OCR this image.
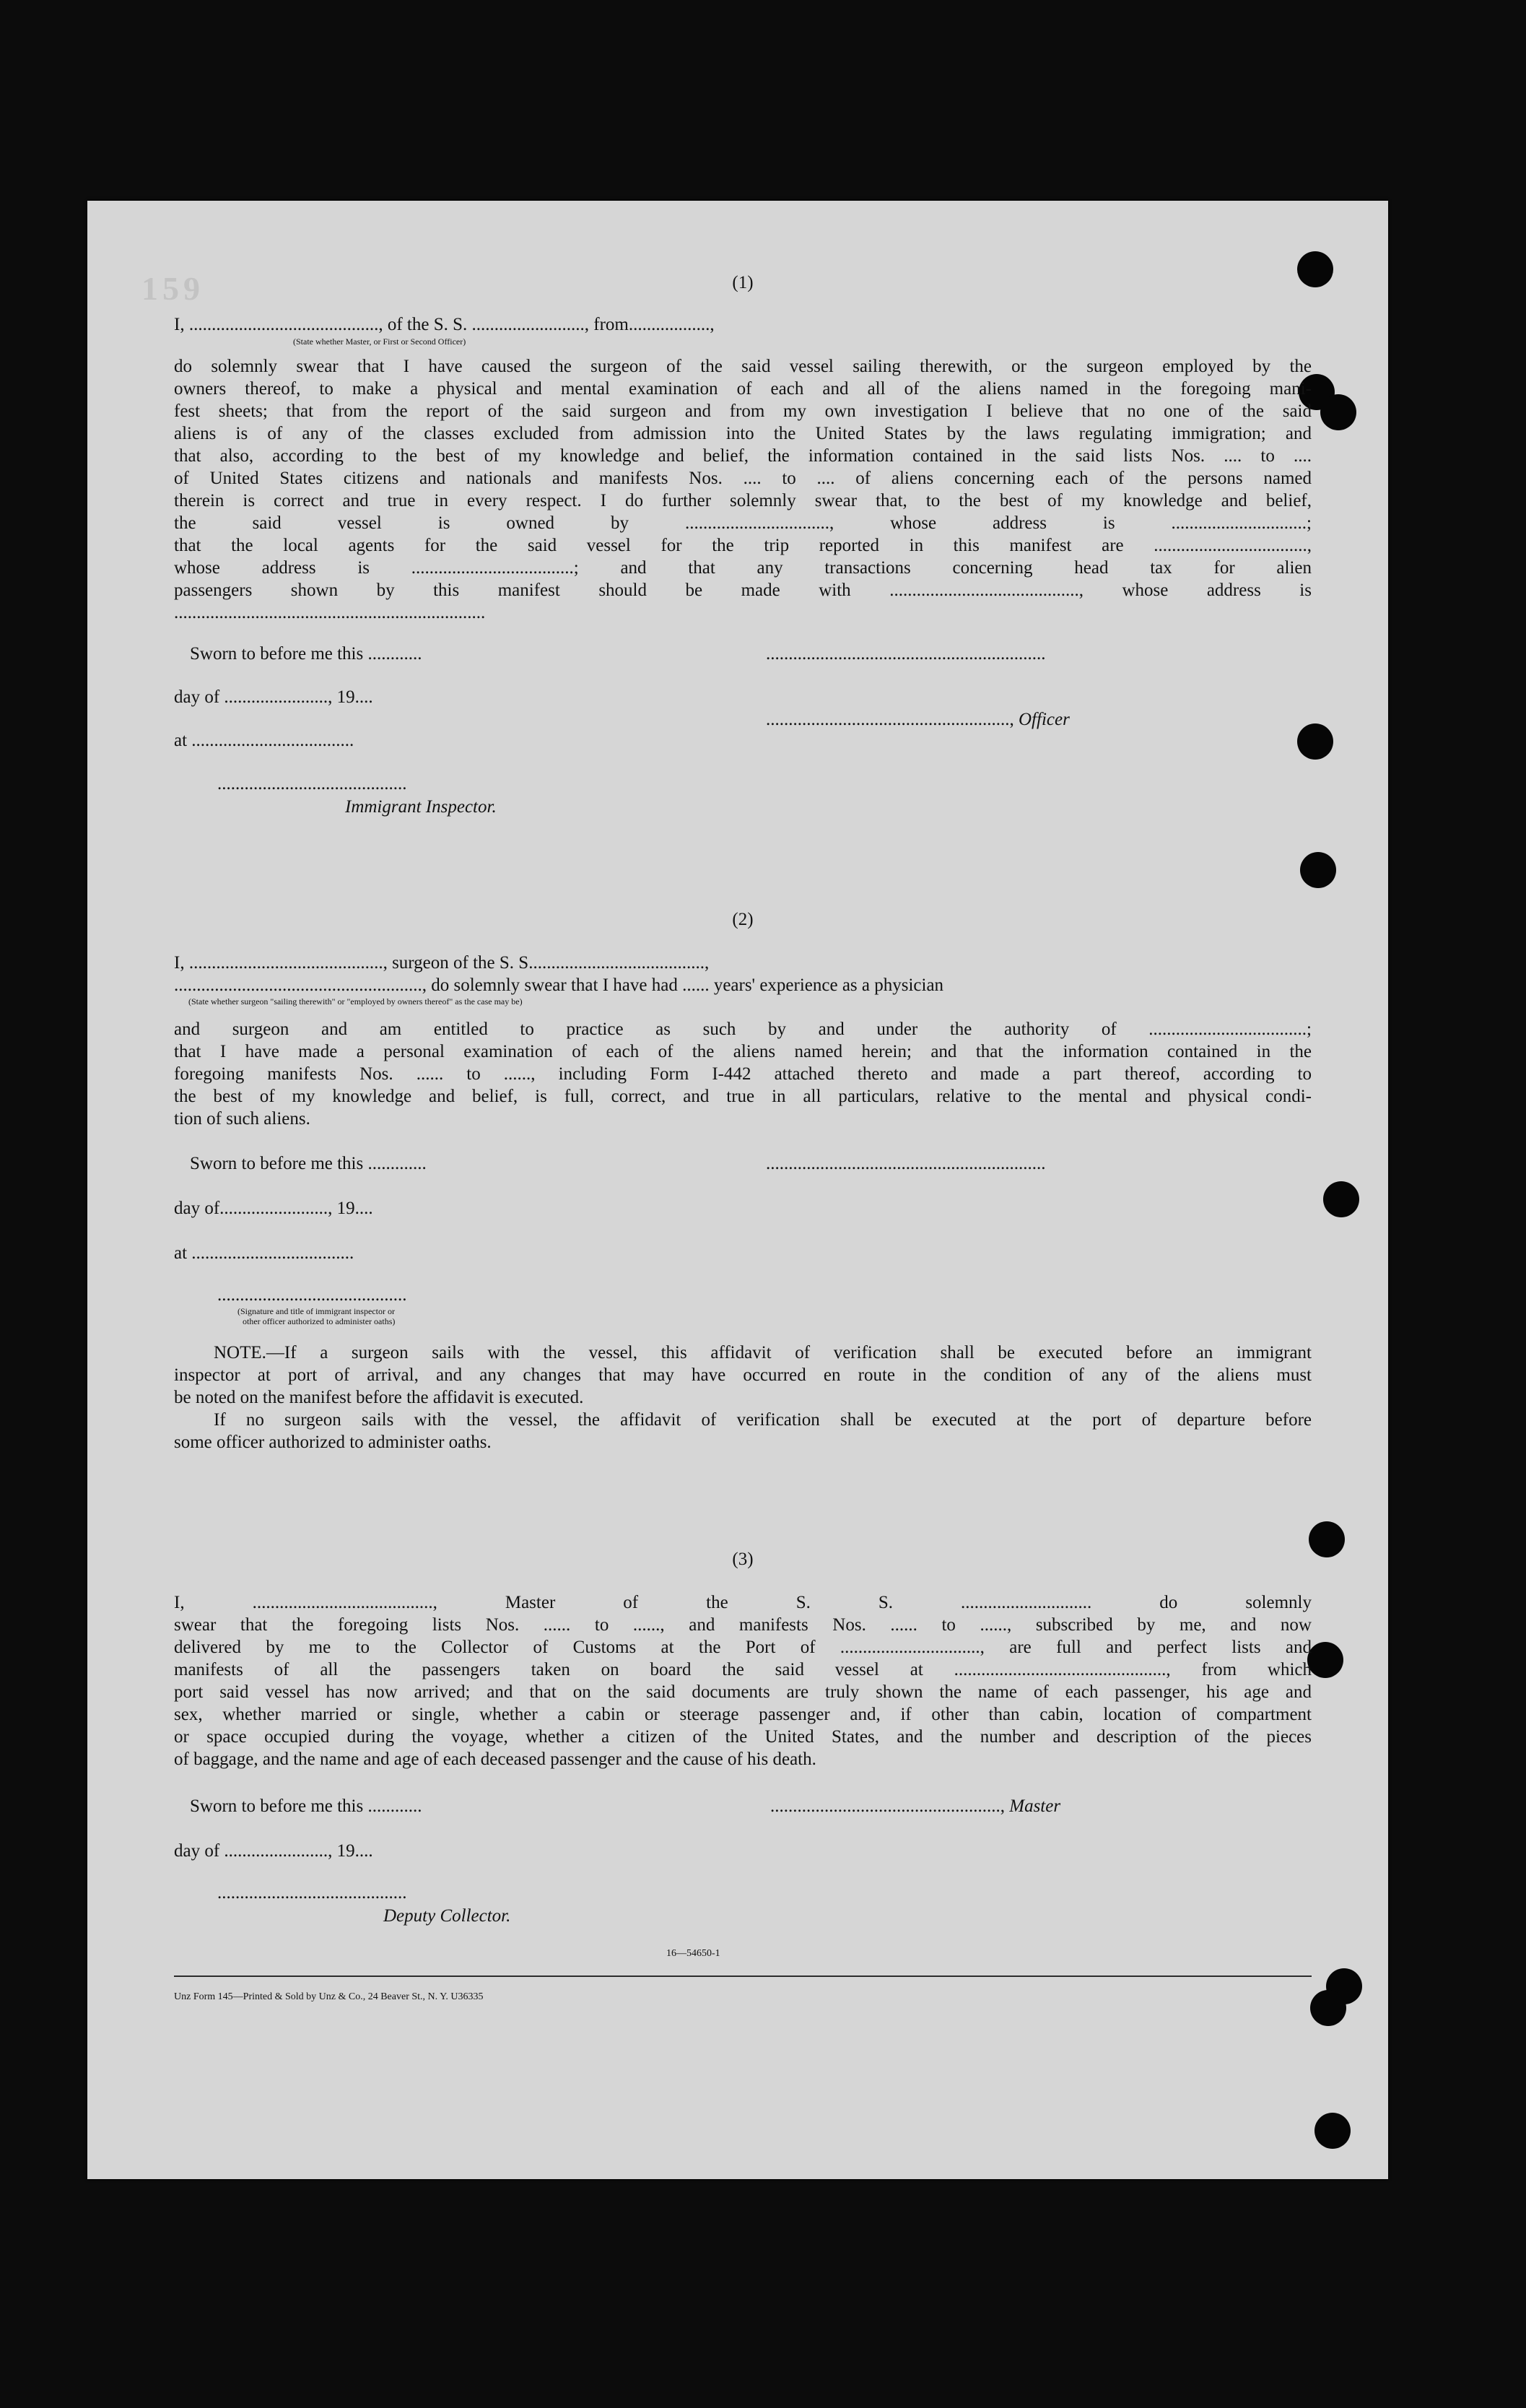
159	(1)
I, .........................................., of the S. S. ........................., from..................,
(State whether Master, or First or Second Officer)
do solemnly swear that I have caused the surgeon of the said vessel sailing therewith, or the surgeon employed by the
owners thereof, to make a physical and mental examination of each and all of the aliens named in the foregoing mani-
fest sheets; that from the report of the said surgeon and from my own investigation I believe that no one of the said
aliens is of any of the classes excluded from admission into the United States by the laws regulating immigration; and
that also, according to the best of my knowledge and belief, the information contained in the said lists Nos. .... to ....
of United States citizens and nationals and manifests Nos. .... to .... of aliens concerning each of the persons named
therein is correct and true in every respect. I do further solemnly swear that, to the best of my knowledge and belief,
the said vessel is owned by ................................, whose address is ..............................;
that the local agents for the said vessel for the trip reported in this manifest are ..................................,
whose address is ....................................; and that any transactions concerning head tax for alien
passengers shown by this manifest should be made with .........................................., whose address is
.....................................................................
Sworn to before me this ............	..............................................................
day of ......................., 19....
......................................................, Officer
at ....................................
..........................................
Immigrant Inspector.
(2)
I, ..........................................., surgeon of the S. S.......................................,
......................................................., do solemnly swear that I have had ...... years' experience as a physician
(State whether surgeon "sailing therewith" or "employed by owners thereof" as the case may be)
and surgeon and am entitled to practice as such by and under the authority of ...................................;
that I have made a personal examination of each of the aliens named herein; and that the information contained in the
foregoing manifests Nos. ...... to ......, including Form I-442 attached thereto and made a part thereof, according to
the best of my knowledge and belief, is full, correct, and true in all particulars, relative to the mental and physical condi-
tion of such aliens.
Sworn to before me this .............	..............................................................
day of........................, 19....
at ....................................
..........................................
(Signature and title of immigrant inspector or
other officer authorized to administer oaths)
NOTE.—If a surgeon sails with the vessel, this affidavit of verification shall be executed before an immigrant
inspector at port of arrival, and any changes that may have occurred en route in the condition of any of the aliens must
be noted on the manifest before the affidavit is executed.
If no surgeon sails with the vessel, the affidavit of verification shall be executed at the port of departure before
some officer authorized to administer oaths.
(3)
I, ........................................, Master of the S. S. ............................. do solemnly
swear that the foregoing lists Nos. ...... to ......, and manifests Nos. ...... to ......, subscribed by me, and now
delivered by me to the Collector of Customs at the Port of ..............................., are full and perfect lists and
manifests of all the passengers taken on board the said vessel at ..............................................., from which
port said vessel has now arrived; and that on the said documents are truly shown the name of each passenger, his age and
sex, whether married or single, whether a cabin or steerage passenger and, if other than cabin, location of compartment
or space occupied during the voyage, whether a citizen of the United States, and the number and description of the pieces
of baggage, and the name and age of each deceased passenger and the cause of his death.
Sworn to before me this ............	..................................................., Master
day of ......................., 19....
..........................................
Deputy Collector.
16—54650-1
Unz Form 145—Printed & Sold by Unz & Co., 24 Beaver St., N. Y. U36335
